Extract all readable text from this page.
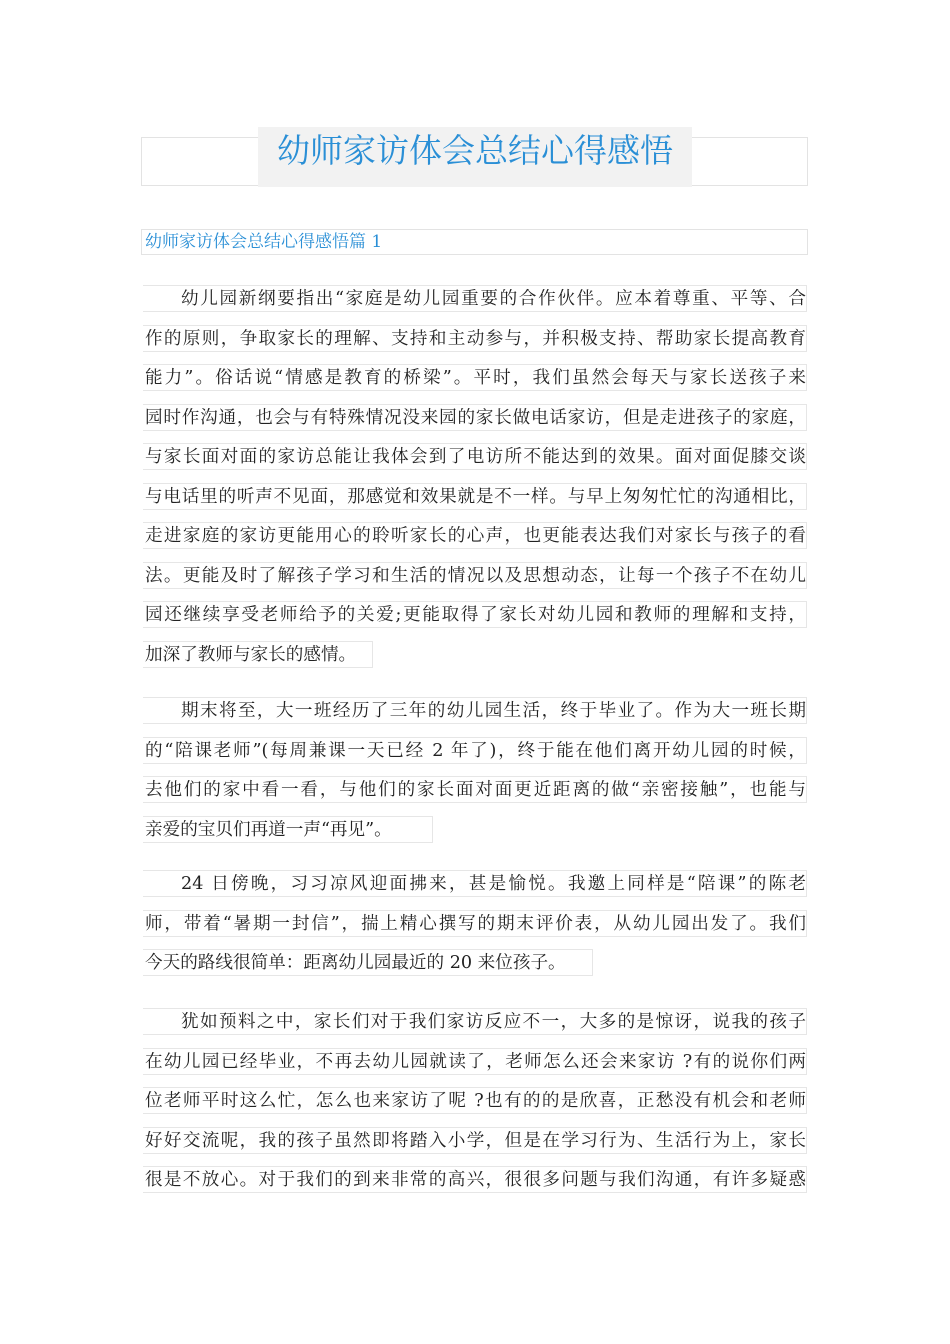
幼师家访体会总结心得感悟
幼师家访体会总结心得感悟篇 1
幼儿园新纲要指出“家庭是幼儿园重要的合作伙伴。应本着尊重、平等、合
作的原则，争取家长的理解、支持和主动参与，并积极支持、帮助家长提高教育
能力”。俗话说“情感是教育的桥梁”。平时，我们虽然会每天与家长送孩子来
园时作沟通，也会与有特殊情况没来园的家长做电话家访，但是走进孩子的家庭，
与家长面对面的家访总能让我体会到了电访所不能达到的效果。面对面促膝交谈
与电话里的听声不见面，那感觉和效果就是不一样。与早上匆匆忙忙的沟通相比，
走进家庭的家访更能用心的聆听家长的心声，也更能表达我们对家长与孩子的看
法。更能及时了解孩子学习和生活的情况以及思想动态，让每一个孩子不在幼儿
园还继续享受老师给予的关爱;更能取得了家长对幼儿园和教师的理解和支持，
加深了教师与家长的感情。
期末将至，大一班经历了三年的幼儿园生活，终于毕业了。作为大一班长期
的“陪课老师”(每周兼课一天已经 2 年了)，终于能在他们离开幼儿园的时候，
去他们的家中看一看，与他们的家长面对面更近距离的做“亲密接触”，也能与
亲爱的宝贝们再道一声“再见”。
24 日傍晚，习习凉风迎面拂来，甚是愉悦。我邀上同样是“陪课”的陈老
师，带着“暑期一封信”，揣上精心撰写的期末评价表，从幼儿园出发了。我们
今天的路线很简单：距离幼儿园最近的 20 来位孩子。
犹如预料之中，家长们对于我们家访反应不一，大多的是惊讶，说我的孩子
在幼儿园已经毕业，不再去幼儿园就读了，老师怎么还会来家访 ?有的说你们两
位老师平时这么忙，怎么也来家访了呢 ?也有的的是欣喜，正愁没有机会和老师
好好交流呢，我的孩子虽然即将踏入小学，但是在学习行为、生活行为上，家长
很是不放心。对于我们的到来非常的高兴，很很多问题与我们沟通，有许多疑惑
